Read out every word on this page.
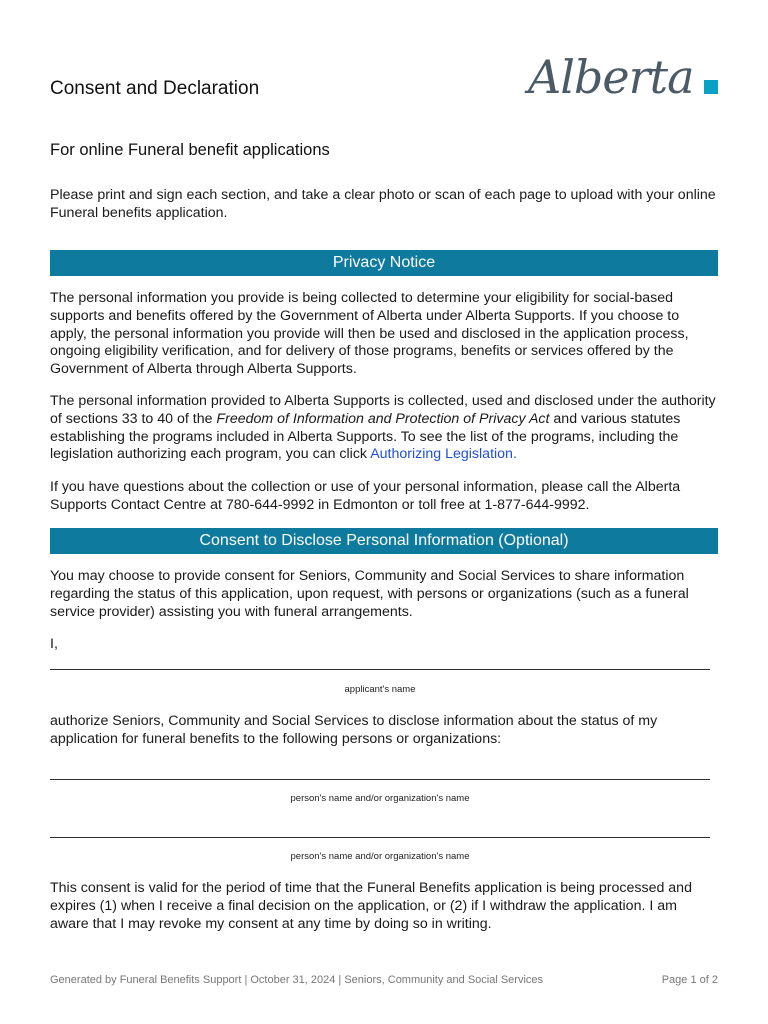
Consent and Declaration	Alberta
For online Funeral benefit applications

Please print and sign each section, and take a clear photo or scan of each page to upload with your online Funeral benefits application.

Privacy Notice

The personal information you provide is being collected to determine your eligibility for social-based supports and benefits offered by the Government of Alberta under Alberta Supports. If you choose to apply, the personal information you provide will then be used and disclosed in the application process, ongoing eligibility verification, and for delivery of those programs, benefits or services offered by the Government of Alberta through Alberta Supports.

The personal information provided to Alberta Supports is collected, used and disclosed under the authority of sections 33 to 40 of the Freedom of Information and Protection of Privacy Act and various statutes establishing the programs included in Alberta Supports. To see the list of the programs, including the legislation authorizing each program, you can click Authorizing Legislation.

If you have questions about the collection or use of your personal information, please call the Alberta Supports Contact Centre at 780-644-9992 in Edmonton or toll free at 1-877-644-9992.

Consent to Disclose Personal Information (Optional)

You may choose to provide consent for Seniors, Community and Social Services to share information regarding the status of this application, upon request, with persons or organizations (such as a funeral service provider) assisting you with funeral arrangements.

I,

applicant's name

authorize Seniors, Community and Social Services to disclose information about the status of my application for funeral benefits to the following persons or organizations:

person's name and/or organization's name
person's name and/or organization's name

This consent is valid for the period of time that the Funeral Benefits application is being processed and expires (1) when I receive a final decision on the application, or (2) if I withdraw the application. I am aware that I may revoke my consent at any time by doing so in writing.

Generated by Funeral Benefits Support | October 31, 2024 | Seniors, Community and Social Services	Page 1 of 2
